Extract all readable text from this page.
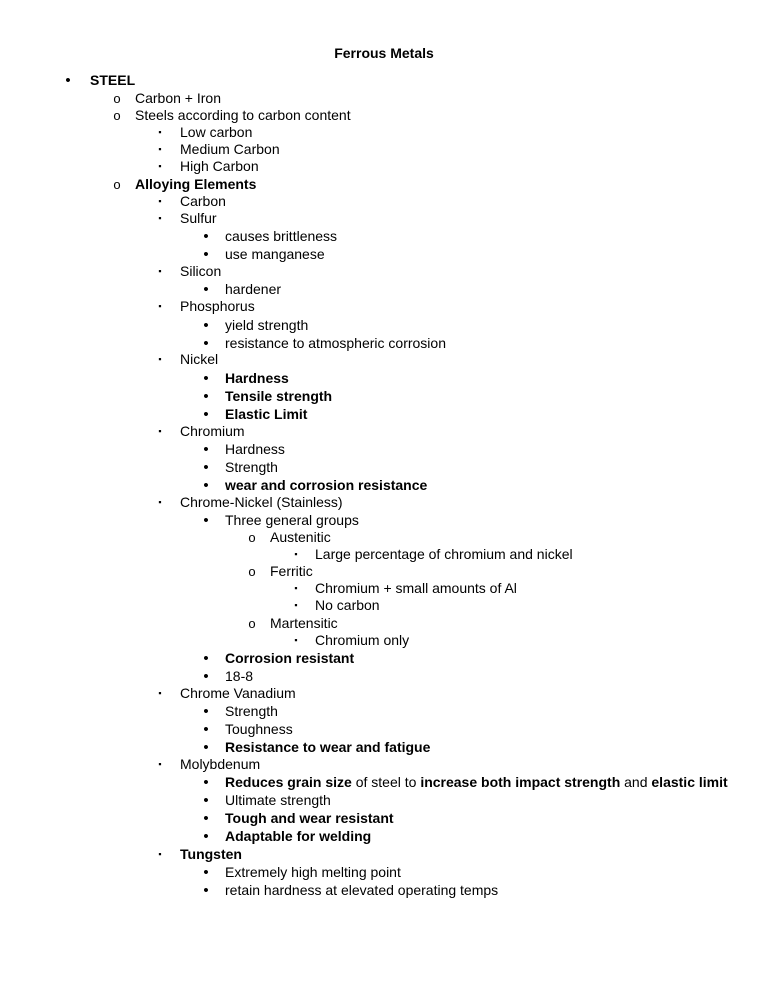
Ferrous Metals
• STEEL
o Carbon + Iron
o Steels according to carbon content
▪ Low carbon
▪ Medium Carbon
▪ High Carbon
o Alloying Elements
▪ Carbon
▪ Sulfur
• causes brittleness
• use manganese
▪ Silicon
• hardener
▪ Phosphorus
• yield strength
• resistance to atmospheric corrosion
▪ Nickel
• Hardness
• Tensile strength
• Elastic Limit
▪ Chromium
• Hardness
• Strength
• wear and corrosion resistance
▪ Chrome-Nickel (Stainless)
• Three general groups
o Austenitic
▪ Large percentage of chromium and nickel
o Ferritic
▪ Chromium + small amounts of Al
▪ No carbon
o Martensitic
▪ Chromium only
• Corrosion resistant
• 18-8
▪ Chrome Vanadium
• Strength
• Toughness
• Resistance to wear and fatigue
▪ Molybdenum
• Reduces grain size of steel to increase both impact strength and elastic limit
• Ultimate strength
• Tough and wear resistant
• Adaptable for welding
▪ Tungsten
• Extremely high melting point
• retain hardness at elevated operating temps
